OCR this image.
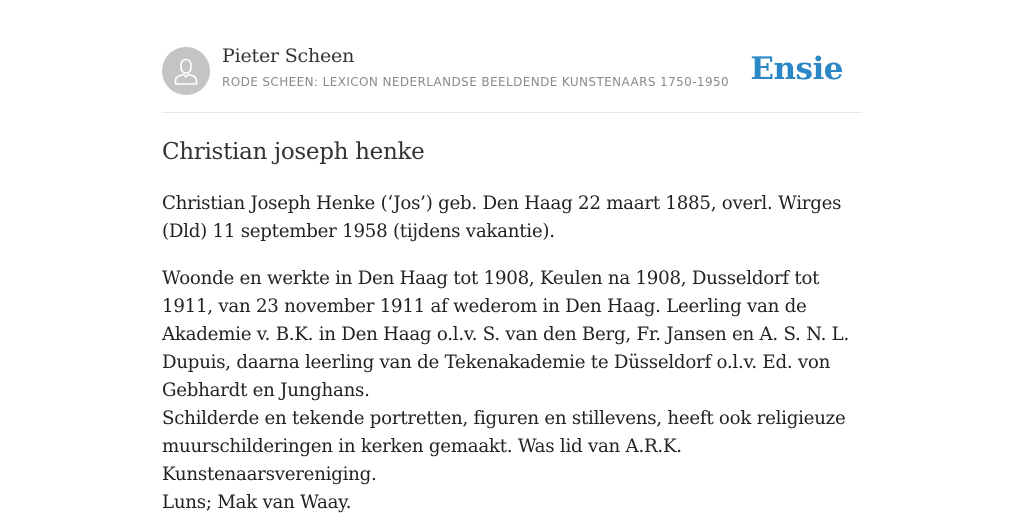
Pieter Scheen
RODE SCHEEN: LEXICON NEDERLANDSE BEELDENDE KUNSTENAARS 1750-1950 Ensie
Christian joseph henke

Christian Joseph Henke (‘Jos’) geb. Den Haag 22 maart 1885, overl. Wirges (Dld) 11 september 1958 (tijdens vakantie).

Woonde en werkte in Den Haag tot 1908, Keulen na 1908, Dusseldorf tot 1911, van 23 november 1911 af wederom in Den Haag. Leerling van de Akademie v. B.K. in Den Haag o.l.v. S. van den Berg, Fr. Jansen en A. S. N. L. Dupuis, daarna leerling van de Tekenakademie te Düsseldorf o.l.v. Ed. von Gebhardt en Junghans.

Schilderde en tekende portretten, figuren en stillevens, heeft ook religieuze muurschilderingen in kerken gemaakt. Was lid van A.R.K. Kunstenaarsvereniging.

Luns; Mak van Waay.
